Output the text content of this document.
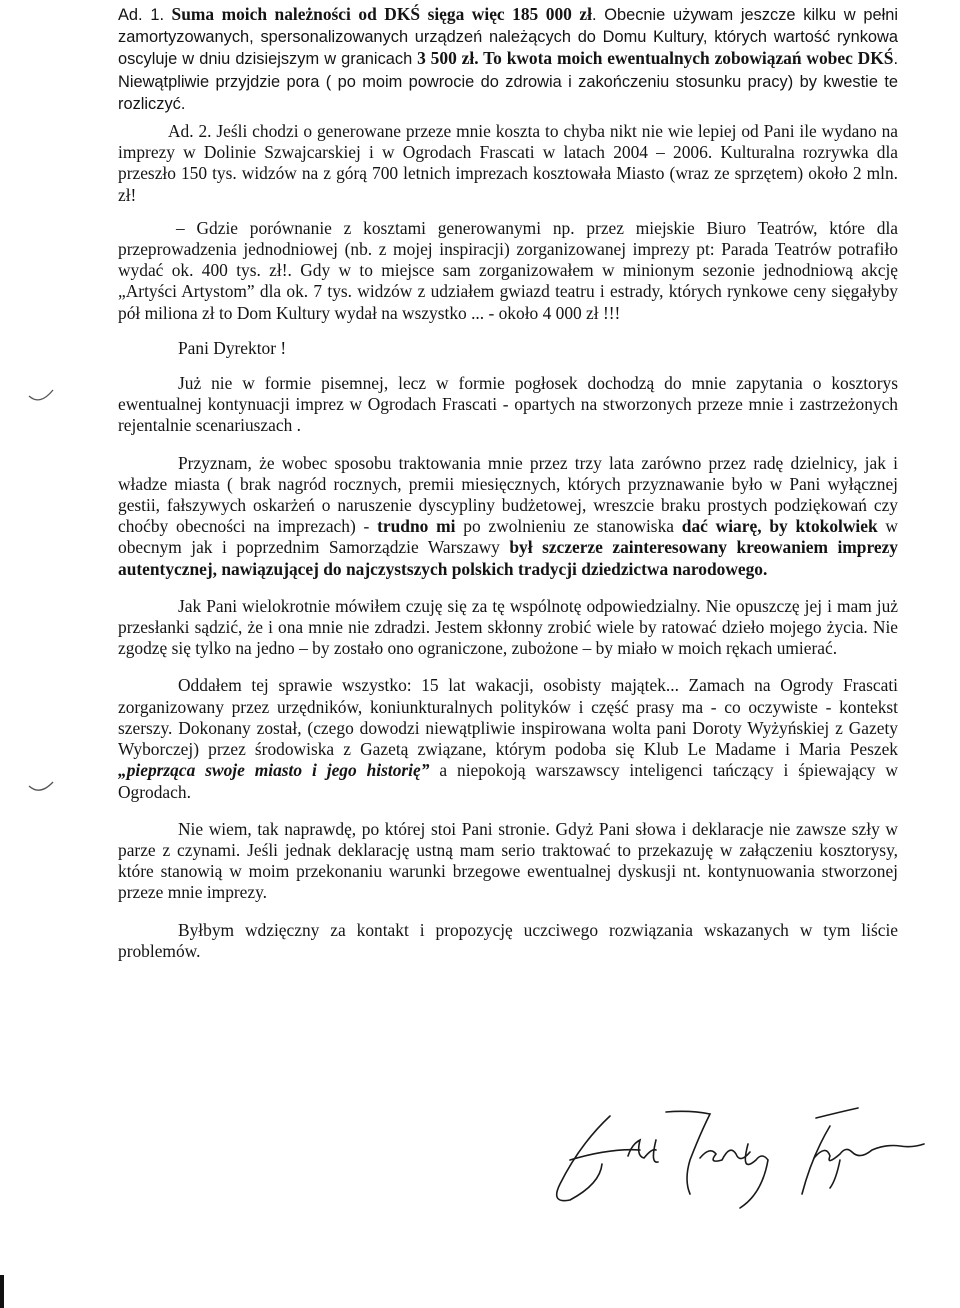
Ad. 1. Suma moich należności od DKŚ sięga więc 185 000 zł. Obecnie używam jeszcze kilku w pełni zamortyzowanych, spersonalizowanych urządzeń należących do Domu Kultury, których wartość rynkowa oscyluje w dniu dzisiejszym w granicach 3 500 zł. To kwota moich ewentualnych zobowiązań wobec DKŚ. Niewątpliwie przyjdzie pora ( po moim powrocie do zdrowia i zakończeniu stosunku pracy) by kwestie te rozliczyć.

Ad. 2. Jeśli chodzi o generowane przeze mnie koszta to chyba nikt nie wie lepiej od Pani ile wydano na imprezy w Dolinie Szwajcarskiej i w Ogrodach Frascati w latach 2004 – 2006. Kulturalna rozrywka dla przeszło 150 tys. widzów na z górą 700 letnich imprezach kosztowała Miasto (wraz ze sprzętem) około 2 mln. zł!

– Gdzie porównanie z kosztami generowanymi np. przez miejskie Biuro Teatrów, które dla przeprowadzenia jednodniowej (nb. z mojej inspiracji) zorganizowanej imprezy pt: Parada Teatrów potrafiło wydać ok. 400 tys. zł!. Gdy w to miejsce sam zorganizowałem w minionym sezonie jednodniową akcję „Artyści Artystom” dla ok. 7 tys. widzów z udziałem gwiazd teatru i estrady, których rynkowe ceny sięgałyby pół miliona zł to Dom Kultury wydał na wszystko ... - około 4 000 zł !!!

Pani Dyrektor !

Już nie w formie pisemnej, lecz w formie pogłosek dochodzą do mnie zapytania o kosztorys ewentualnej kontynuacji imprez w Ogrodach Frascati - opartych na stworzonych przeze mnie i zastrzeżonych rejentalnie scenariuszach .

Przyznam, że wobec sposobu traktowania mnie przez trzy lata zarówno przez radę dzielnicy, jak i władze miasta ( brak nagród rocznych, premii miesięcznych, których przyznawanie było w Pani wyłącznej gestii, fałszywych oskarżeń o naruszenie dyscypliny budżetowej, wreszcie braku prostych podziękowań czy choćby obecności na imprezach) - trudno mi po zwolnieniu ze stanowiska dać wiarę, by ktokolwiek w obecnym jak i poprzednim Samorządzie Warszawy był szczerze zainteresowany kreowaniem imprezy autentycznej, nawiązującej do najczystszych polskich tradycji dziedzictwa narodowego.

Jak Pani wielokrotnie mówiłem czuję się za tę wspólnotę odpowiedzialny. Nie opuszczę jej i mam już przesłanki sądzić, że i ona mnie nie zdradzi. Jestem skłonny zrobić wiele by ratować dzieło mojego życia. Nie zgodzę się tylko na jedno – by zostało ono ograniczone, zubożone – by miało w moich rękach umierać.

Oddałem tej sprawie wszystko: 15 lat wakacji, osobisty majątek... Zamach na Ogrody Frascati zorganizowany przez urzędników, koniunkturalnych polityków i część prasy ma - co oczywiste - kontekst szerszy. Dokonany został, (czego dowodzi niewątpliwie inspirowana wolta pani Doroty Wyżyńskiej z Gazety Wyborczej) przez środowiska z Gazetą związane, którym podoba się Klub Le Madame i Maria Peszek „pieprząca swoje miasto i jego historię” a niepokoją warszawscy inteligenci tańczący i śpiewający w Ogrodach.

Nie wiem, tak naprawdę, po której stoi Pani stronie. Gdyż Pani słowa i deklaracje nie zawsze szły w parze z czynami. Jeśli jednak deklarację ustną mam serio traktować to przekazuję w załączeniu kosztorysy, które stanowią w moim przekonaniu warunki brzegowe ewentualnej dyskusji nt. kontynuowania stworzonej przeze mnie imprezy.

Byłbym wdzięczny za kontakt i propozycję uczciwego rozwiązania wskazanych w tym liście problemów.
